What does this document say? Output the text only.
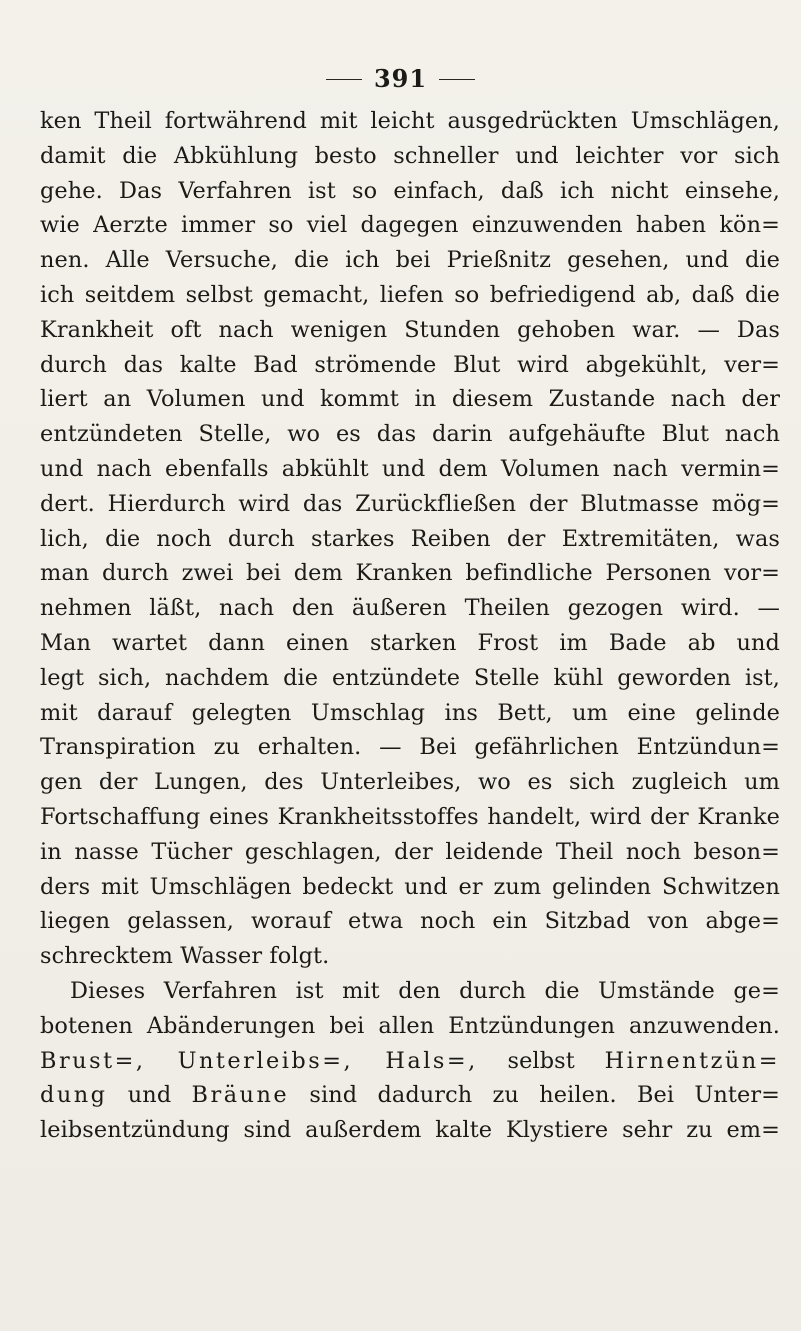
391
ken Theil fortwährend mit leicht ausgedrückten Umschlägen,
damit die Abkühlung besto schneller und leichter vor sich
gehe. Das Verfahren ist so einfach, daß ich nicht einsehe,
wie Aerzte immer so viel dagegen einzuwenden haben kön=
nen. Alle Versuche, die ich bei Prießnitz gesehen, und die
ich seitdem selbst gemacht, liefen so befriedigend ab, daß die
Krankheit oft nach wenigen Stunden gehoben war. — Das
durch das kalte Bad strömende Blut wird abgekühlt, ver=
liert an Volumen und kommt in diesem Zustande nach der
entzündeten Stelle, wo es das darin aufgehäufte Blut nach
und nach ebenfalls abkühlt und dem Volumen nach vermin=
dert. Hierdurch wird das Zurückfließen der Blutmasse mög=
lich, die noch durch starkes Reiben der Extremitäten, was
man durch zwei bei dem Kranken befindliche Personen vor=
nehmen läßt, nach den äußeren Theilen gezogen wird. —
Man wartet dann einen starken Frost im Bade ab und
legt sich, nachdem die entzündete Stelle kühl geworden ist,
mit darauf gelegten Umschlag ins Bett, um eine gelinde
Transpiration zu erhalten. — Bei gefährlichen Entzündun=
gen der Lungen, des Unterleibes, wo es sich zugleich um
Fortschaffung eines Krankheitsstoffes handelt, wird der Kranke
in nasse Tücher geschlagen, der leidende Theil noch beson=
ders mit Umschlägen bedeckt und er zum gelinden Schwitzen
liegen gelassen, worauf etwa noch ein Sitzbad von abge=
schrecktem Wasser folgt.
Dieses Verfahren ist mit den durch die Umstände ge=
botenen Abänderungen bei allen Entzündungen anzuwenden.
Brust=, Unterleibs=, Hals=, selbst Hirnentzün=
dung und Bräune sind dadurch zu heilen. Bei Unter=
leibsentzündung sind außerdem kalte Klystiere sehr zu em=
